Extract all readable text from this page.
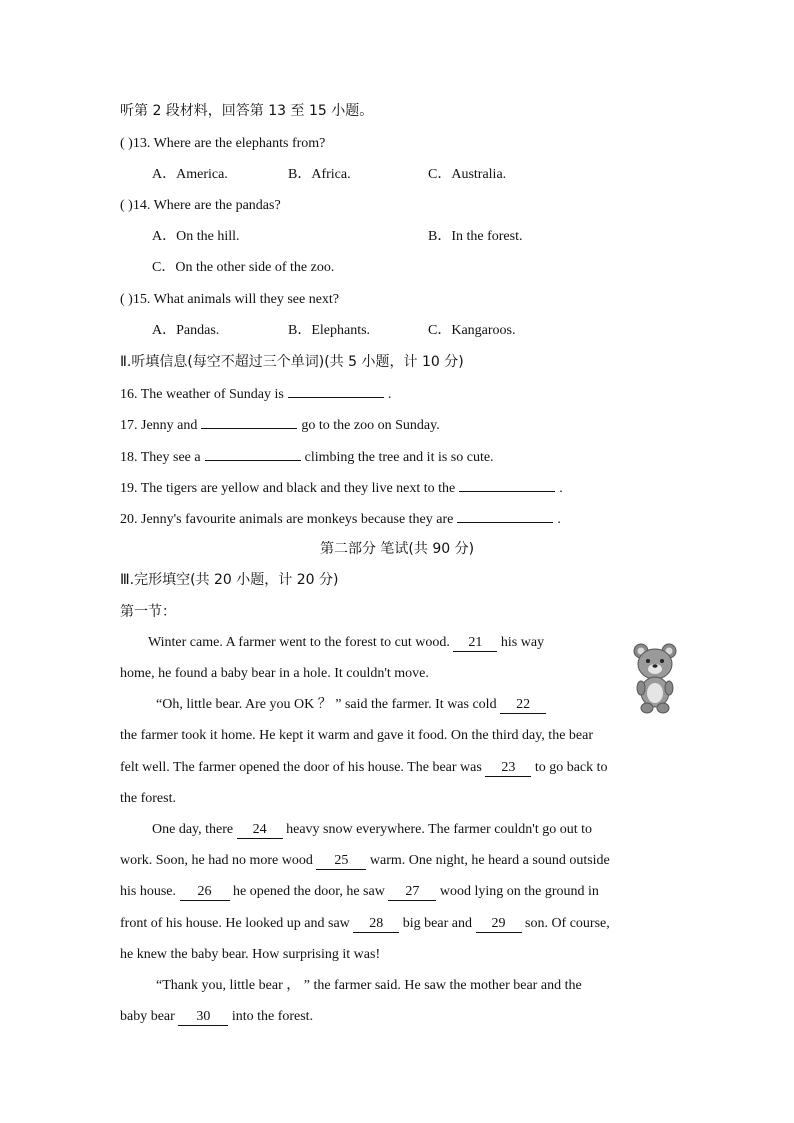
听第 2 段材料，回答第 13 至 15 小题。
( )13. Where are the elephants from?
A．America.	B．Africa.	C．Australia.
( )14. Where are the pandas?
A．On the hill.	B．In the forest.
C．On the other side of the zoo.
( )15. What animals will they see next?
A．Pandas.	B．Elephants.	C．Kangaroos.
Ⅱ.听填信息(每空不超过三个单词)(共 5 小题，计 10 分)
16. The weather of Sunday is	.
17. Jenny and	go to the zoo on Sunday.
18. They see a	climbing the tree and it is so cute.
19. The tigers are yellow and black and they live next to the	.
20. Jenny's favourite animals are monkeys because they are	.
第二部分 笔试(共 90 分)
Ⅲ.完形填空(共 20 小题，计 20 分)
第一节：
Winter came. A farmer went to the forest to cut wood. 21 his way
home, he found a baby bear in a hole. It couldn't move.
“Oh, little bear. Are you OK ？ ” said the farmer. It was cold 22
the farmer took it home. He kept it warm and gave it food. On the third day, the bear
felt well. The farmer opened the door of his house. The bear was 23 to go back to
the forest.
One day, there 24 heavy snow everywhere. The farmer couldn't go out to
work. Soon, he had no more wood 25 warm. One night, he heard a sound outside
his house. 26 he opened the door, he saw 27 wood lying on the ground in
front of his house. He looked up and saw 28 big bear and 29 son. Of course,
he knew the baby bear. How surprising it was!
“Thank you, little bear ， ” the farmer said. He saw the mother bear and the
baby bear 30 into the forest.
